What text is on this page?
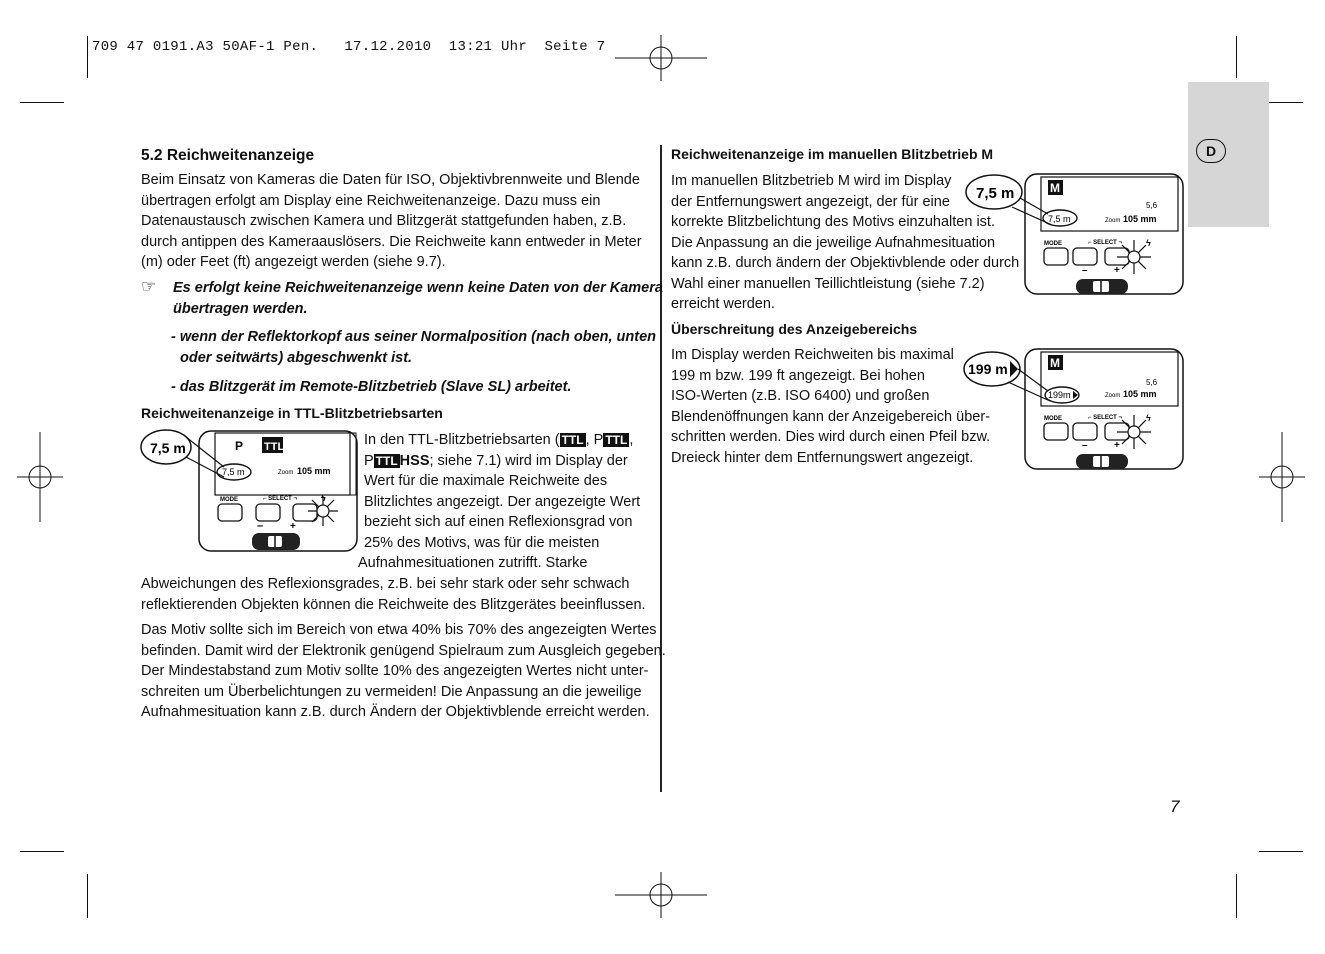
709 47 0191.A3 50AF-1 Pen.   17.12.2010  13:21 Uhr  Seite 7
D
5.2 Reichweitenanzeige
Beim Einsatz von Kameras die Daten für ISO, Objektivbrennweite und Blende
übertragen erfolgt am Display eine Reichweitenanzeige. Dazu muss ein
Datenaustausch zwischen Kamera und Blitzgerät stattgefunden haben, z.B.
durch antippen des Kameraauslösers. Die Reichweite kann entweder in Meter
(m) oder Feet (ft) angezeigt werden (siehe 9.7).
☞ Es erfolgt keine Reichweitenanzeige wenn keine Daten von der Kamera
übertragen werden.
- wenn der Reflektorkopf aus seiner Normalposition (nach oben, unten
oder seitwärts) abgeschwenkt ist.
- das Blitzgerät im Remote-Blitzbetrieb (Slave SL) arbeitet.
Reichweitenanzeige in TTL-Blitzbetriebsarten
P TTL
7,5 m	Zoom 105 mm
7,5 m
MODE	⌐ SELECT ¬
–	+
ϟ
In den TTL-Blitzbetriebsarten ( TTL , P TTL ,
P TTL HSS; siehe 7.1) wird im Display der
Wert für die maximale Reichweite des
Blitzlichtes angezeigt. Der angezeigte Wert
bezieht sich auf einen Reflexionsgrad von
25% des Motivs, was für die meisten
Aufnahmesituationen zutrifft. Starke
Abweichungen des Reflexionsgrades, z.B. bei sehr stark oder sehr schwach
reflektierenden Objekten können die Reichweite des Blitzgerätes beeinflussen.
Das Motiv sollte sich im Bereich von etwa 40% bis 70% des angezeigten Wertes
befinden. Damit wird der Elektronik genügend Spielraum zum Ausgleich gegeben.
Der Mindestabstand zum Motiv sollte 10% des angezeigten Wertes nicht unter-
schreiten um Überbelichtungen zu vermeiden! Die Anpassung an die jeweilige
Aufnahmesituation kann z.B. durch Ändern der Objektivblende erreicht werden.
Reichweitenanzeige im manuellen Blitzbetrieb M
Im manuellen Blitzbetrieb M wird im Display
der Entfernungswert angezeigt, der für eine
korrekte Blitzbelichtung des Motivs einzuhalten ist.
Die Anpassung an die jeweilige Aufnahmesituation
kann z.B. durch ändern der Objektivblende oder durch
Wahl einer manuellen Teillichtleistung (siehe 7.2)
erreicht werden.
Überschreitung des Anzeigebereichs
Im Display werden Reichweiten bis maximal
199 m bzw. 199 ft angezeigt. Bei hohen
ISO-Werten (z.B. ISO 6400) und großen
Blendenöffnungen kann der Anzeigebereich über-
schritten werden. Dies wird durch einen Pfeil bzw.
Dreieck hinter dem Entfernungswert angezeigt.
M
5,6
7,5 m	Zoom 105 mm
7,5 m
MODE	⌐ SELECT ¬
–	+
ϟ
M
5,6
199m	Zoom 105 mm
199 m
MODE	⌐ SELECT ¬
–	+
ϟ
7
